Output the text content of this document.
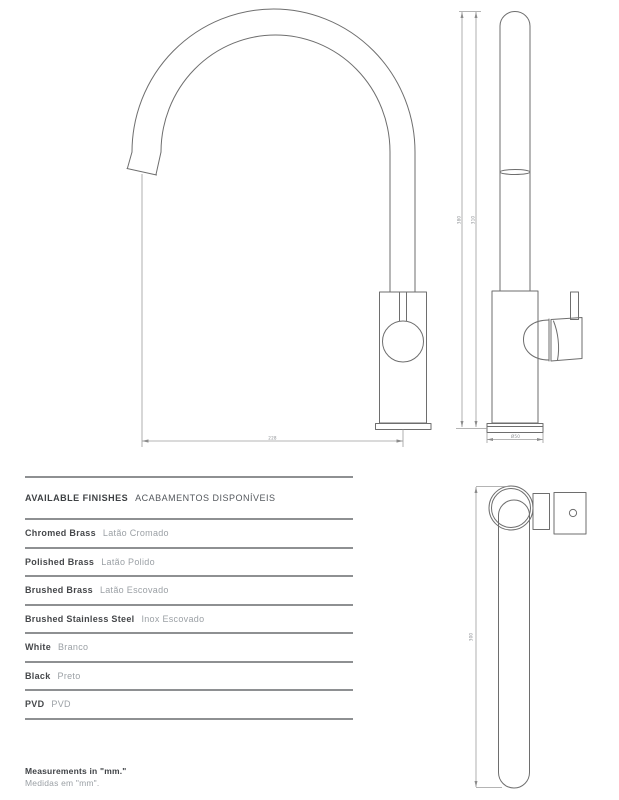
228
380 310
Ø50
300
AVAILABLE FINISHES ACABAMENTOS DISPONÍVEIS
Chromed Brass Latão Cromado
Polished Brass Latão Polido
Brushed Brass Latão Escovado
Brushed Stainless Steel Inox Escovado
White Branco
Black Preto
PVD PVD
Measurements in "mm."
Medidas em "mm".
